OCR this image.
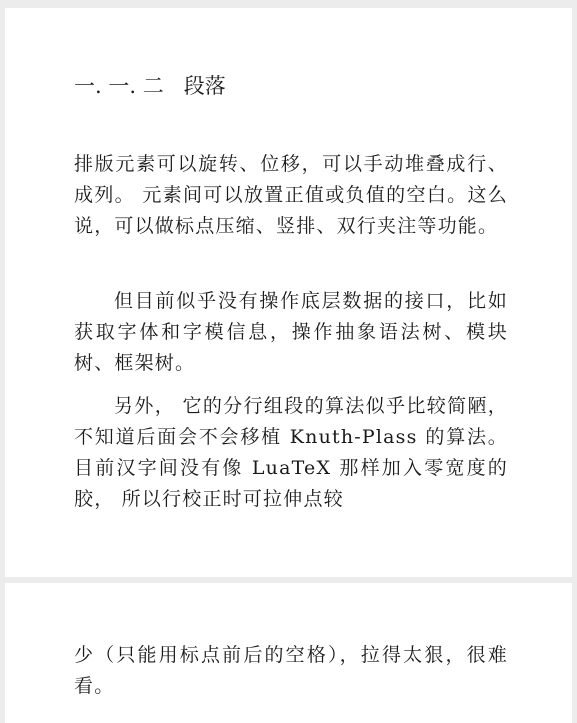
一. 一. 二   段落

排版元素可以旋转、位移，可以手动堆叠成行、 成列。 元素间可以放置正值或负值的空白。这么说，可以做标点压缩、竖排、双行夹注等功能。

但目前似乎没有操作底层数据的接口，比如获取字体和字模信息，操作抽象语法树、模块树、框架树。

另外， 它的分行组段的算法似乎比较简陋， 不知道后面会不会移植 Knuth-Plass 的算法。目前汉字间没有像 LuaTeX 那样加入零宽度的胶， 所以行校正时可拉伸点较

少（只能用标点前后的空格），拉得太狠，很难看。
